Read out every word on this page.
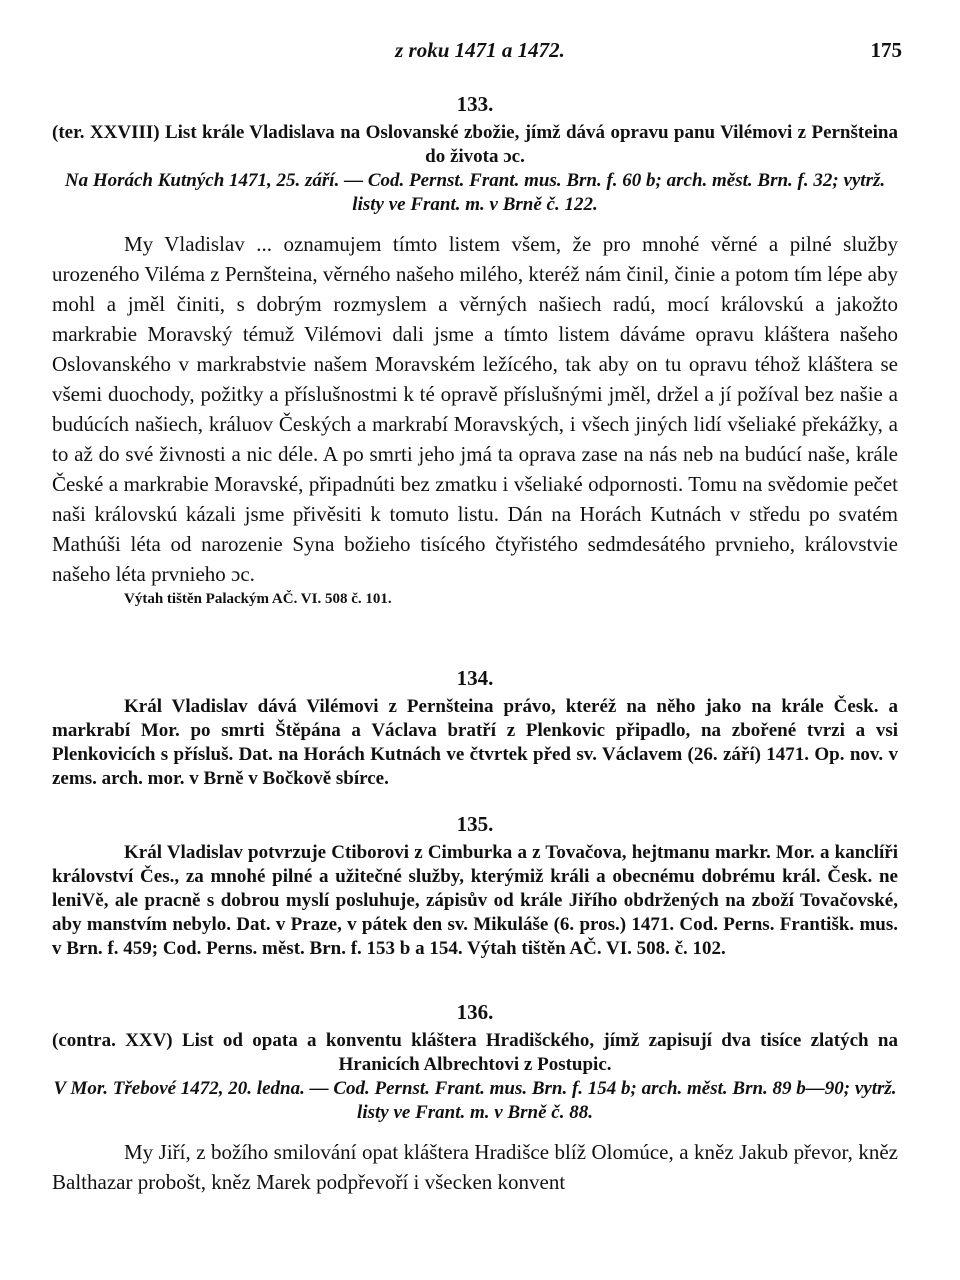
z roku 1471 a 1472.	175
133.
(ter. XXVIII) List krále Vladislava na Oslovanské zbožie, jímž dává opravu panu Vilémovi z Pernšteina do života ɔc.
Na Horách Kutných 1471, 25. září. — Cod. Pernst. Frant. mus. Brn. f. 60 b; arch. měst. Brn. f. 32; vytrž. listy ve Frant. m. v Brně č. 122.
My Vladislav ... oznamujem tímto listem všem, že pro mnohé věrné a pilné služby urozeného Viléma z Pernšteina, věrného našeho milého, kteréž nám činil, činie a potom tím lépe aby mohl a jměl činiti, s dobrým rozmyslem a věrných našiech radú, mocí královskú a jakožto markrabie Moravský témuž Vilémovi dali jsme a tímto listem dáváme opravu kláštera našeho Oslovanského v markrabstvie našem Moravském ležícého, tak aby on tu opravu téhož kláštera se všemi duochody, požitky a příslušnostmi k té opravě příslušnými jměl, držel a jí požíval bez našie a budúcích našiech, králuov Českých a markrabí Moravských, i všech jiných lidí všeliaké překážky, a to až do své živnosti a nic déle. A po smrti jeho jmá ta oprava zase na nás neb na budúcí naše, krále České a markrabie Moravské, připadnúti bez zmatku i všeliaké odpornosti. Tomu na svědomie pečet naši královskú kázali jsme přivěsiti k tomuto listu. Dán na Horách Kutnách v středu po svatém Mathúši léta od narozenie Syna božieho tisícého čtyřistého sedmdesátého prvnieho, královstvie našeho léta prvnieho ɔc.
Výtah tištěn Palackým AČ. VI. 508 č. 101.
134.
Král Vladislav dává Vilémovi z Pernšteina právo, kteréž na něho jako na krále Česk. a markrabí Mor. po smrti Štěpána a Václava bratří z Plenkovic připadlo, na zbořené tvrzi a vsi Plenkovicích s přísluš. Dat. na Horách Kutnách ve čtvrtek před sv. Václavem (26. září) 1471. Op. nov. v zems. arch. mor. v Brně v Bočkově sbírce.
135.
Král Vladislav potvrzuje Ctiborovi z Cimburka a z Tovačova, hejtmanu markr. Mor. a kanclíři království Čes., za mnohé pilné a užitečné služby, kterýmiž králi a obecnému dobrému král. Česk. ne leniVě, ale pracně s dobrou myslí posluhuje, zápisův od krále Jiřího obdržených na zboží Tovačovské, aby manstvím nebylo. Dat. v Praze, v pátek den sv. Mikuláše (6. pros.) 1471. Cod. Perns. Františk. mus. v Brn. f. 459; Cod. Perns. měst. Brn. f. 153 b a 154. Výtah tištěn AČ. VI. 508. č. 102.
136.
(contra. XXV) List od opata a konventu kláštera Hradišckého, jímž zapisují dva tisíce zlatých na Hranicích Albrechtovi z Postupic.
V Mor. Třebové 1472, 20. ledna. — Cod. Pernst. Frant. mus. Brn. f. 154 b; arch. měst. Brn. 89 b—90; vytrž. listy ve Frant. m. v Brně č. 88.
My Jiří, z božího smilování opat kláštera Hradišce blíž Olomúce, a kněz Jakub převor, kněz Balthazar probošt, kněz Marek podpřevoří i všecken konvent
